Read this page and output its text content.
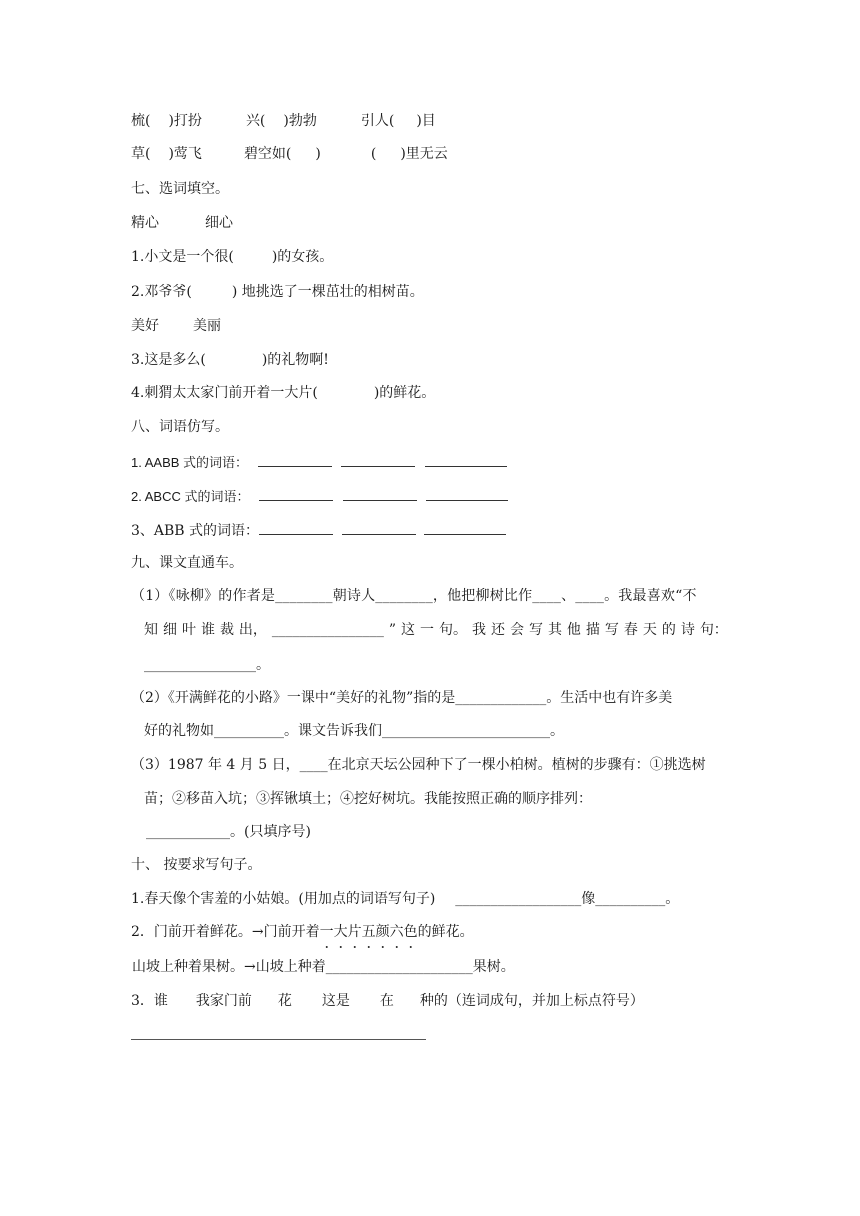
梳( )打扮	兴( )勃勃	引人( )目
草( )莺飞	碧空如( )	( )里无云
七、选词填空。
精心	细心
1.小文是一个很(	)的女孩。
2.邓爷爷(	) 地挑选了一棵茁壮的相树苗。
美好 美丽
3.这是多么(	)的礼物啊!
4.刺猬太太家门前开着一大片(	)的鲜花。
八、词语仿写。
1. AABB 式的词语：
2. ABCC 式的词语：
3、ABB 式的词语：
九、课文直通车。
（1）《咏柳》的作者是________朝诗人________，他把柳树比作____、____。我最喜欢“不
知 细 叶 谁 裁 出， ________________ ” 这 一 句。 我 还 会 写 其 他 描 写 春 天 的 诗 句：
________________。
（2）《开满鲜花的小路》一课中“美好的礼物”指的是_____________。生活中也有许多美
好的礼物如__________。课文告诉我们________________________。
（3）1987 年 4 月 5 日，____在北京天坛公园种下了一棵小柏树。植树的步骤有：①挑选树
苗；②移苗入坑；③挥锹填土；④挖好树坑。我能按照正确的顺序排列：
____________。(只填序号)
十、 按要求写句子。
1.春天像个害羞的小姑娘。(用加点的词语写句子) __________________像__________。
2．门前开着鲜花。→门前开着一
大
片
五
颜
六
色
的鲜花。
山坡上种着果树。→山坡上种着_____________________果树。
3．谁 我家门前 花 这是 在 种的（连词成句，并加上标点符号）
